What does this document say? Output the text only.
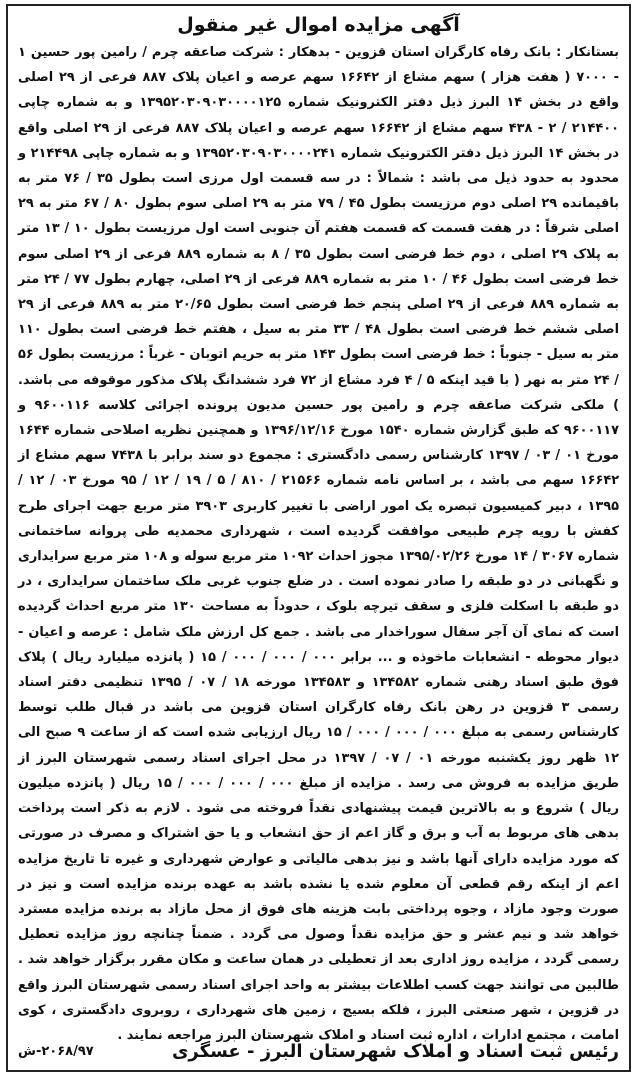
آگهی مزایده اموال غیر منقول

بستانکار : بانک رفاه کارگران استان قزوین - بدهکار : شرکت صاعقه چرم / رامین پور حسین ۱ - ۷۰۰۰ ( هفت هزار ) سهم مشاع از ۱۶۶۴۲ سهم عرصه و اعیان پلاک ۸۸۷ فرعی از ۲۹ اصلی واقع در بخش ۱۴ البرز ذیل دفتر الکترونیک شماره ۱۳۹۵۲۰۳۰۹۰۳۰۰۰۰۱۲۵ و به شماره چاپی ۲۱۴۴۰۰ / ۲ - ۴۳۸ سهم مشاع از ۱۶۶۴۲ سهم عرصه و اعیان پلاک ۸۸۷ فرعی از ۲۹ اصلی واقع در بخش ۱۴ البرز ذیل دفتر الکترونیک شماره ۱۳۹۵۲۰۳۰۹۰۳۰۰۰۰۲۴۱ و به شماره چاپی ۲۱۴۴۹۸ و محدود به حدود ذیل می باشد : شمالاً : در سه قسمت اول مرزی است بطول ۳۵ / ۷۶ متر به باقیمانده ۲۹ اصلی دوم مرزیست بطول ۴۵ / ۷۹ متر به ۲۹ اصلی سوم بطول ۸۰ / ۶۷ متر به ۲۹ اصلی شرقاً : در هفت قسمت که قسمت هفتم آن جنوبی است اول مرزیست بطول ۱۰ / ۱۳ متر به پلاک ۲۹ اصلی ، دوم خط فرضی است بطول ۳۵ / ۸ به شماره ۸۸۹ فرعی از ۲۹ اصلی سوم خط فرضی است بطول ۴۶ / ۱۰ متر به شماره ۸۸۹ فرعی از ۲۹ اصلی، چهارم بطول ۷۷ / ۲۴ متر به شماره ۸۸۹ فرعی از ۲۹ اصلی پنجم خط فرضی است بطول ۲۰/۶۵ متر به ۸۸۹ فرعی از ۲۹ اصلی ششم خط فرضی است بطول ۴۸ / ۳۳ متر به سیل ، هفتم خط فرضی است بطول ۱۱۰ متر به سیل - جنوباً : خط فرضی است بطول ۱۴۳ متر به حریم اتوبان - غرباً : مرزیست بطول ۵۶ / ۲۴ متر به نهر ( با قید اینکه ۵ / ۴ فرد مشاع از ۷۲ فرد ششدانگ پلاک مذکور موقوفه می باشد. ) ملکی شرکت صاعقه چرم و رامین پور حسین مدیون پرونده اجرائی کلاسه ۹۶۰۰۱۱۶ و ۹۶۰۰۱۱۷ که طبق گزارش شماره ۱۵۴۰ مورخ ۱۳۹۶/۱۲/۱۶ و همچنین نظریه اصلاحی شماره ۱۶۴۴ مورخ ۰۱ / ۰۳ / ۱۳۹۷ کارشناس رسمی دادگستری : مجموع دو سند برابر با ۷۴۳۸ سهم مشاع از ۱۶۶۴۲ سهم می باشد ، بر اساس نامه شماره ۲۱۵۶۶ / ۸۱۰ / ۵ / ۱۹ / ۱۲ / ۹۵ مورخ ۰۳ / ۱۲ / ۱۳۹۵ ، دبیر کمیسیون تبصره یک امور اراضی با تغییر کاربری ۳۹۰۳ متر مربع جهت اجرای طرح کفش با رویه چرم طبیعی موافقت گردیده است ، شهرداری محمدیه طی پروانه ساختمانی شماره ۳۰۶۷ / ۱۴ مورخ ۱۳۹۵/۰۲/۲۶ مجوز احداث ۱۰۹۲ متر مربع سوله و ۱۰۸ متر مربع سرایداری و نگهبانی در دو طبقه را صادر نموده است . در ضلع جنوب غربی ملک ساختمان سرایداری ، در دو طبقه با اسکلت فلزی و سقف تیرچه بلوک ، حدوداً به مساحت ۱۳۰ متر مربع احداث گردیده است که نمای آن آجر سفال سوراخدار می باشد . جمع کل ارزش ملک شامل : عرصه و اعیان - دیوار محوطه - انشعابات ماخوذه و ... برابر ۰۰۰ / ۰۰۰ / ۰۰۰ / ۱۵ ( پانزده میلیارد ریال ) پلاک فوق طبق اسناد رهنی شماره ۱۳۴۵۸۲ و ۱۳۴۵۸۳ مورخه ۱۸ / ۰۷ / ۱۳۹۵ تنظیمی دفتر اسناد رسمی ۳ قزوین در رهن بانک رفاه کارگران استان قزوین می باشد در قبال طلب توسط کارشناس رسمی به مبلغ ۰۰۰ / ۰۰۰ / ۰۰۰ / ۱۵ ریال ارزیابی شده است که از ساعت ۹ صبح الی ۱۲ ظهر روز یکشنبه مورخه ۰۱ / ۰۷ / ۱۳۹۷ در محل اجرای اسناد رسمی شهرستان البرز از طریق مزایده به فروش می رسد . مزایده از مبلغ ۰۰۰ / ۰۰۰ / ۰۰۰ / ۱۵ ریال ( پانزده میلیون ریال ) شروع و به بالاترین قیمت پیشنهادی نقداً فروخته می شود . لازم به ذکر است پرداخت بدهی های مربوط به آب و برق و گاز اعم از حق انشعاب و یا حق اشتراک و مصرف در صورتی که مورد مزایده دارای آنها باشد و نیز بدهی مالیاتی و عوارض شهرداری و غیره تا تاریخ مزایده اعم از اینکه رقم قطعی آن معلوم شده یا نشده باشد به عهده برنده مزایده است و نیز در صورت وجود مازاد ، وجوه پرداختی بابت هزینه های فوق از محل مازاد به برنده مزایده مسترد خواهد شد و نیم عشر و حق مزایده نقداً وصول می گردد . ضمناً چنانچه روز مزایده تعطیل رسمی گردد ، مزایده روز اداری بعد از تعطیلی در همان ساعت و مکان مقرر برگزار خواهد شد . طالبین می توانند جهت کسب اطلاعات بیشتر به واحد اجرای اسناد رسمی شهرستان البرز واقع در قزوین ، شهر صنعتی البرز ، فلکه بسیج ، زمین های شهرداری ، روبروی دادگستری ، کوی امامت ، مجتمع ادارات ، اداره ثبت اسناد و املاک شهرستان البرز مراجعه نمایند .

رئیس ثبت اسناد و املاک شهرستان البرز - عسگری
۲۰۶۸/۹۷-ش
